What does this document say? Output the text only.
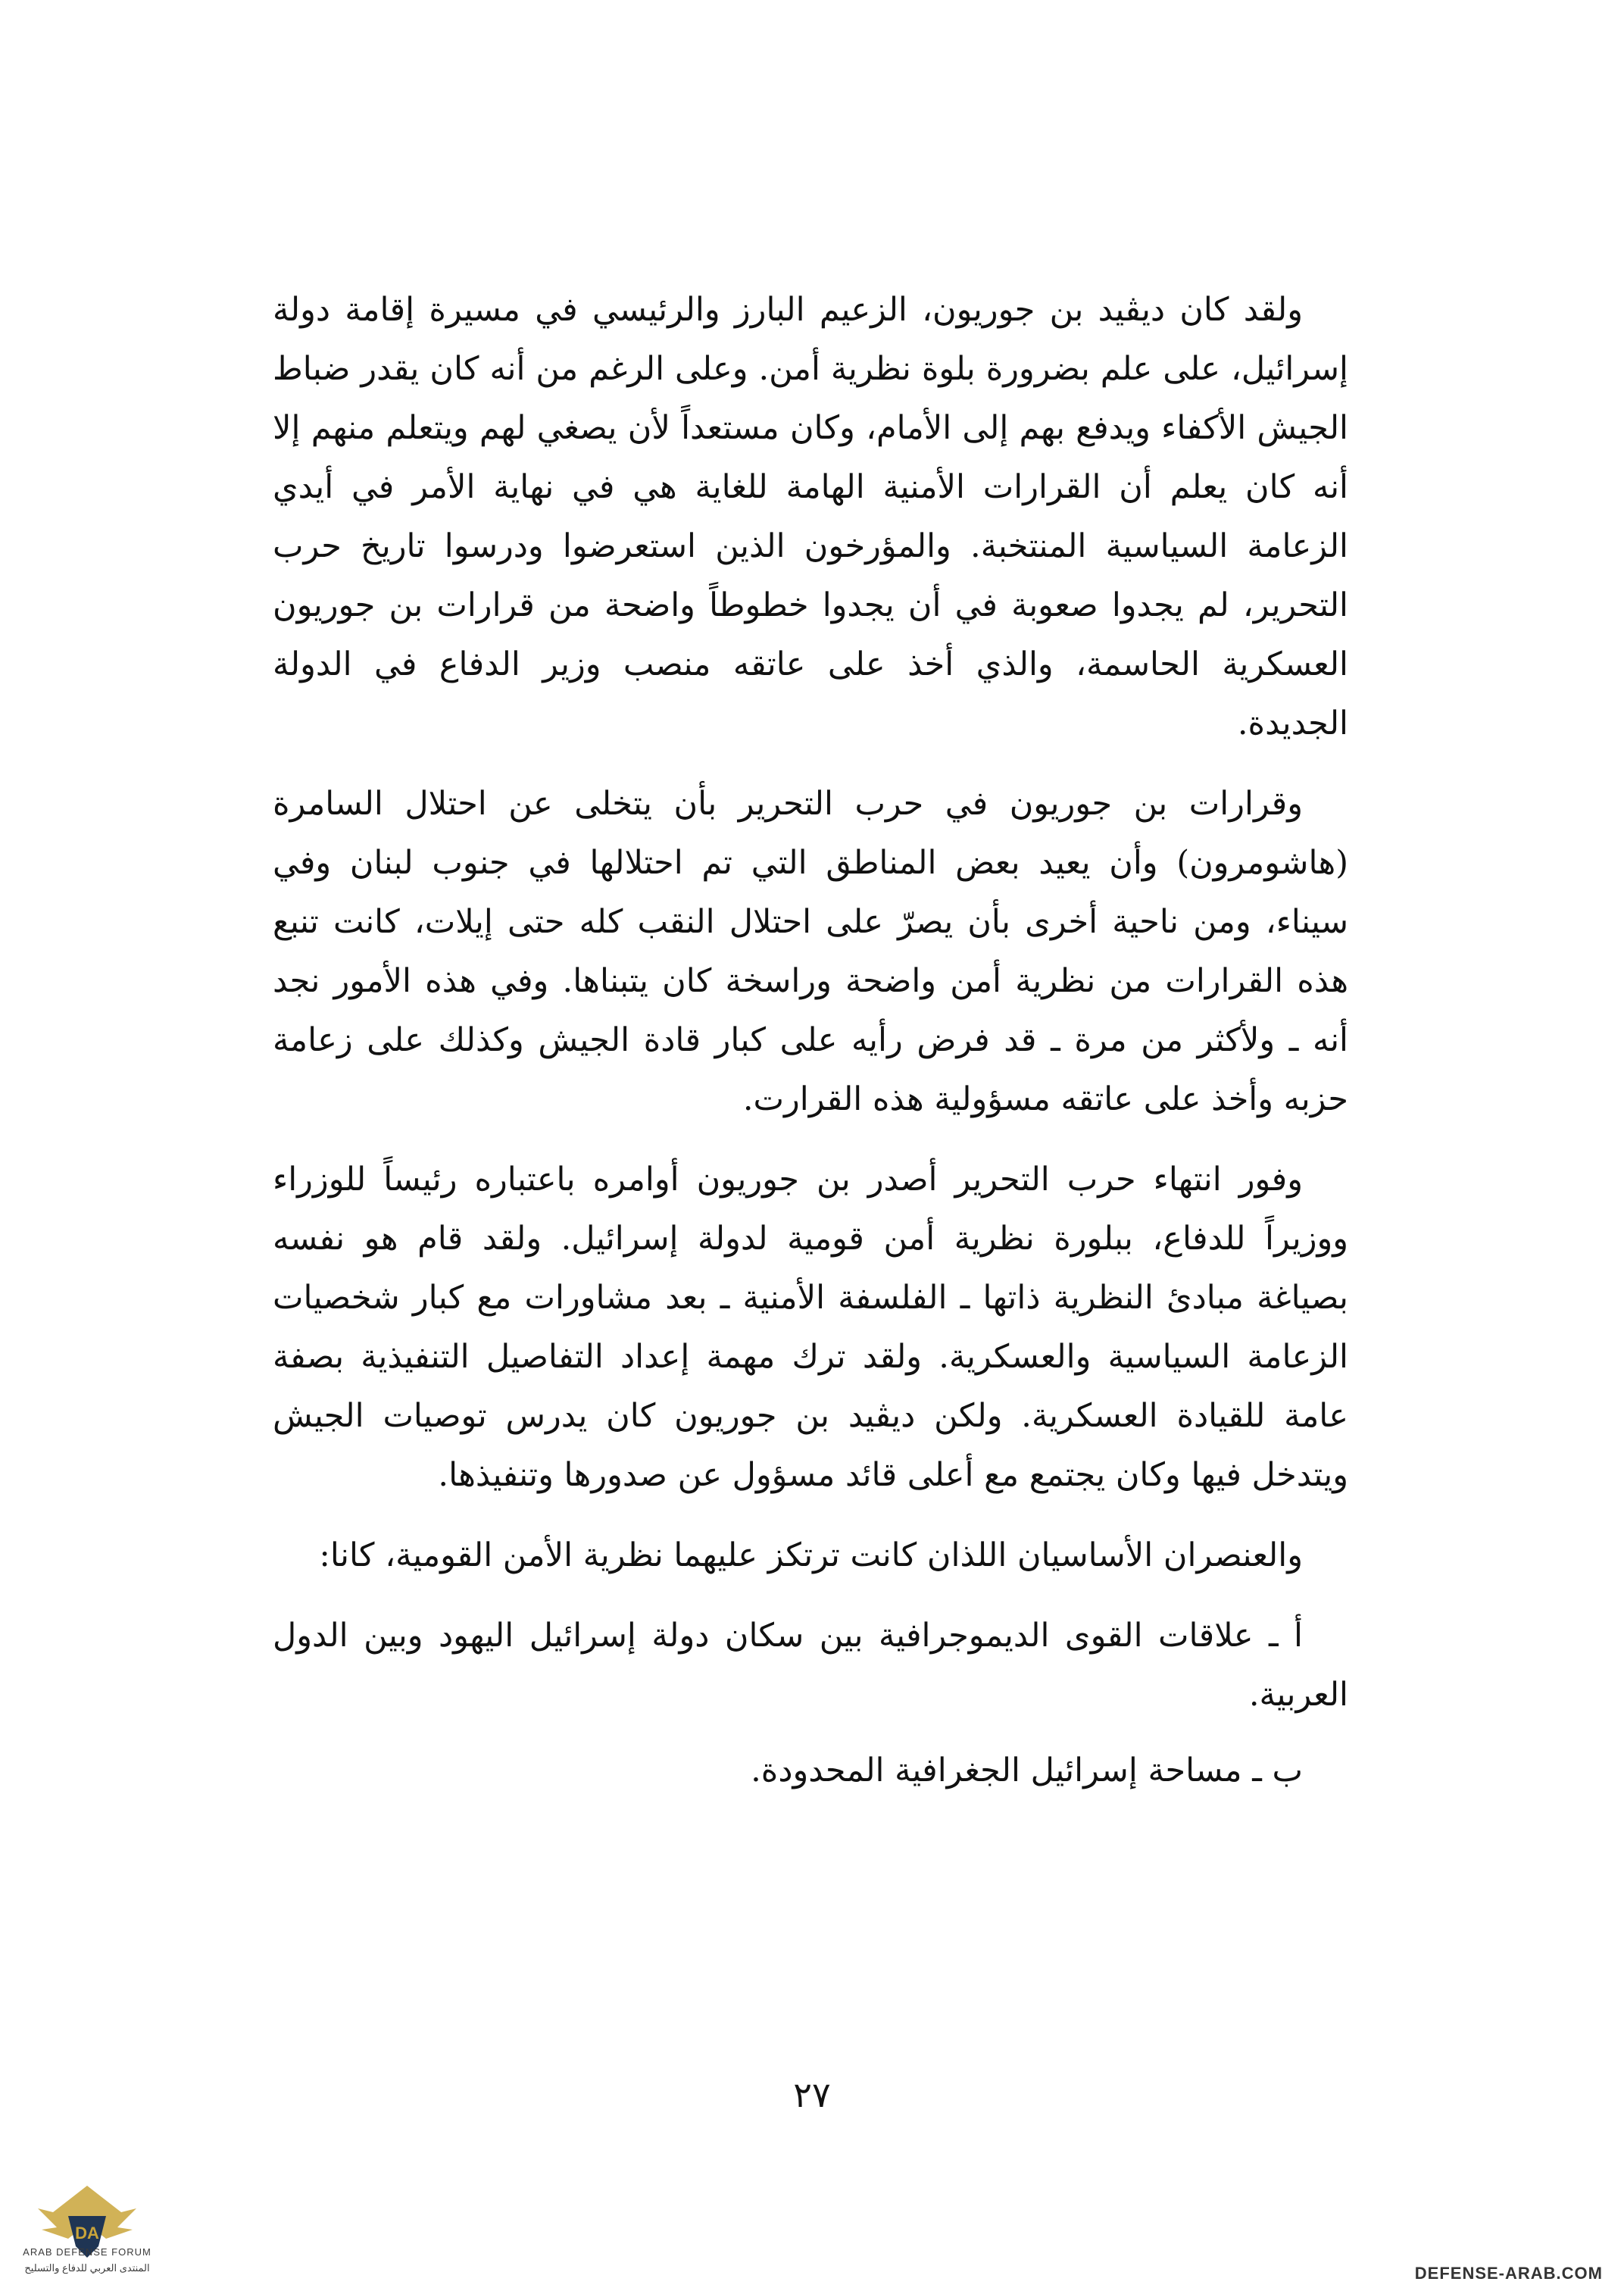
ولقد كان ديڤيد بن جوريون، الزعيم البارز والرئيسي في مسيرة إقامة دولة إسرائيل، على علم بضرورة بلوة نظرية أمن. وعلى الرغم من أنه كان يقدر ضباط الجيش الأكفاء ويدفع بهم إلى الأمام، وكان مستعداً لأن يصغي لهم ويتعلم منهم إلا أنه كان يعلم أن القرارات الأمنية الهامة للغاية هي في نهاية الأمر في أيدي الزعامة السياسية المنتخبة. والمؤرخون الذين استعرضوا ودرسوا تاريخ حرب التحرير، لم يجدوا صعوبة في أن يجدوا خطوطاً واضحة من قرارات بن جوريون العسكرية الحاسمة، والذي أخذ على عاتقه منصب وزير الدفاع في الدولة الجديدة.

وقرارات بن جوريون في حرب التحرير بأن يتخلى عن احتلال السامرة (هاشومرون) وأن يعيد بعض المناطق التي تم احتلالها في جنوب لبنان وفي سيناء، ومن ناحية أخرى بأن يصرّ على احتلال النقب كله حتى إيلات، كانت تنبع هذه القرارات من نظرية أمن واضحة وراسخة كان يتبناها. وفي هذه الأمور نجد أنه ـ ولأكثر من مرة ـ قد فرض رأيه على كبار قادة الجيش وكذلك على زعامة حزبه وأخذ على عاتقه مسؤولية هذه القرارت.

وفور انتهاء حرب التحرير أصدر بن جوريون أوامره باعتباره رئيساً للوزراء ووزيراً للدفاع، ببلورة نظرية أمن قومية لدولة إسرائيل. ولقد قام هو نفسه بصياغة مبادئ النظرية ذاتها ـ الفلسفة الأمنية ـ بعد مشاورات مع كبار شخصيات الزعامة السياسية والعسكرية. ولقد ترك مهمة إعداد التفاصيل التنفيذية بصفة عامة للقيادة العسكرية. ولكن ديڤيد بن جوريون كان يدرس توصيات الجيش ويتدخل فيها وكان يجتمع مع أعلى قائد مسؤول عن صدورها وتنفيذها.

والعنصران الأساسيان اللذان كانت ترتكز عليهما نظرية الأمن القومية، كانا:

أ ـ علاقات القوى الديموجرافية بين سكان دولة إسرائيل اليهود وبين الدول العربية.

ب ـ مساحة إسرائيل الجغرافية المحدودة.

٢٧
DA
ARAB DEFENSE FORUM
المنتدى العربي للدفاع والتسليح	DEFENSE-ARAB.COM
